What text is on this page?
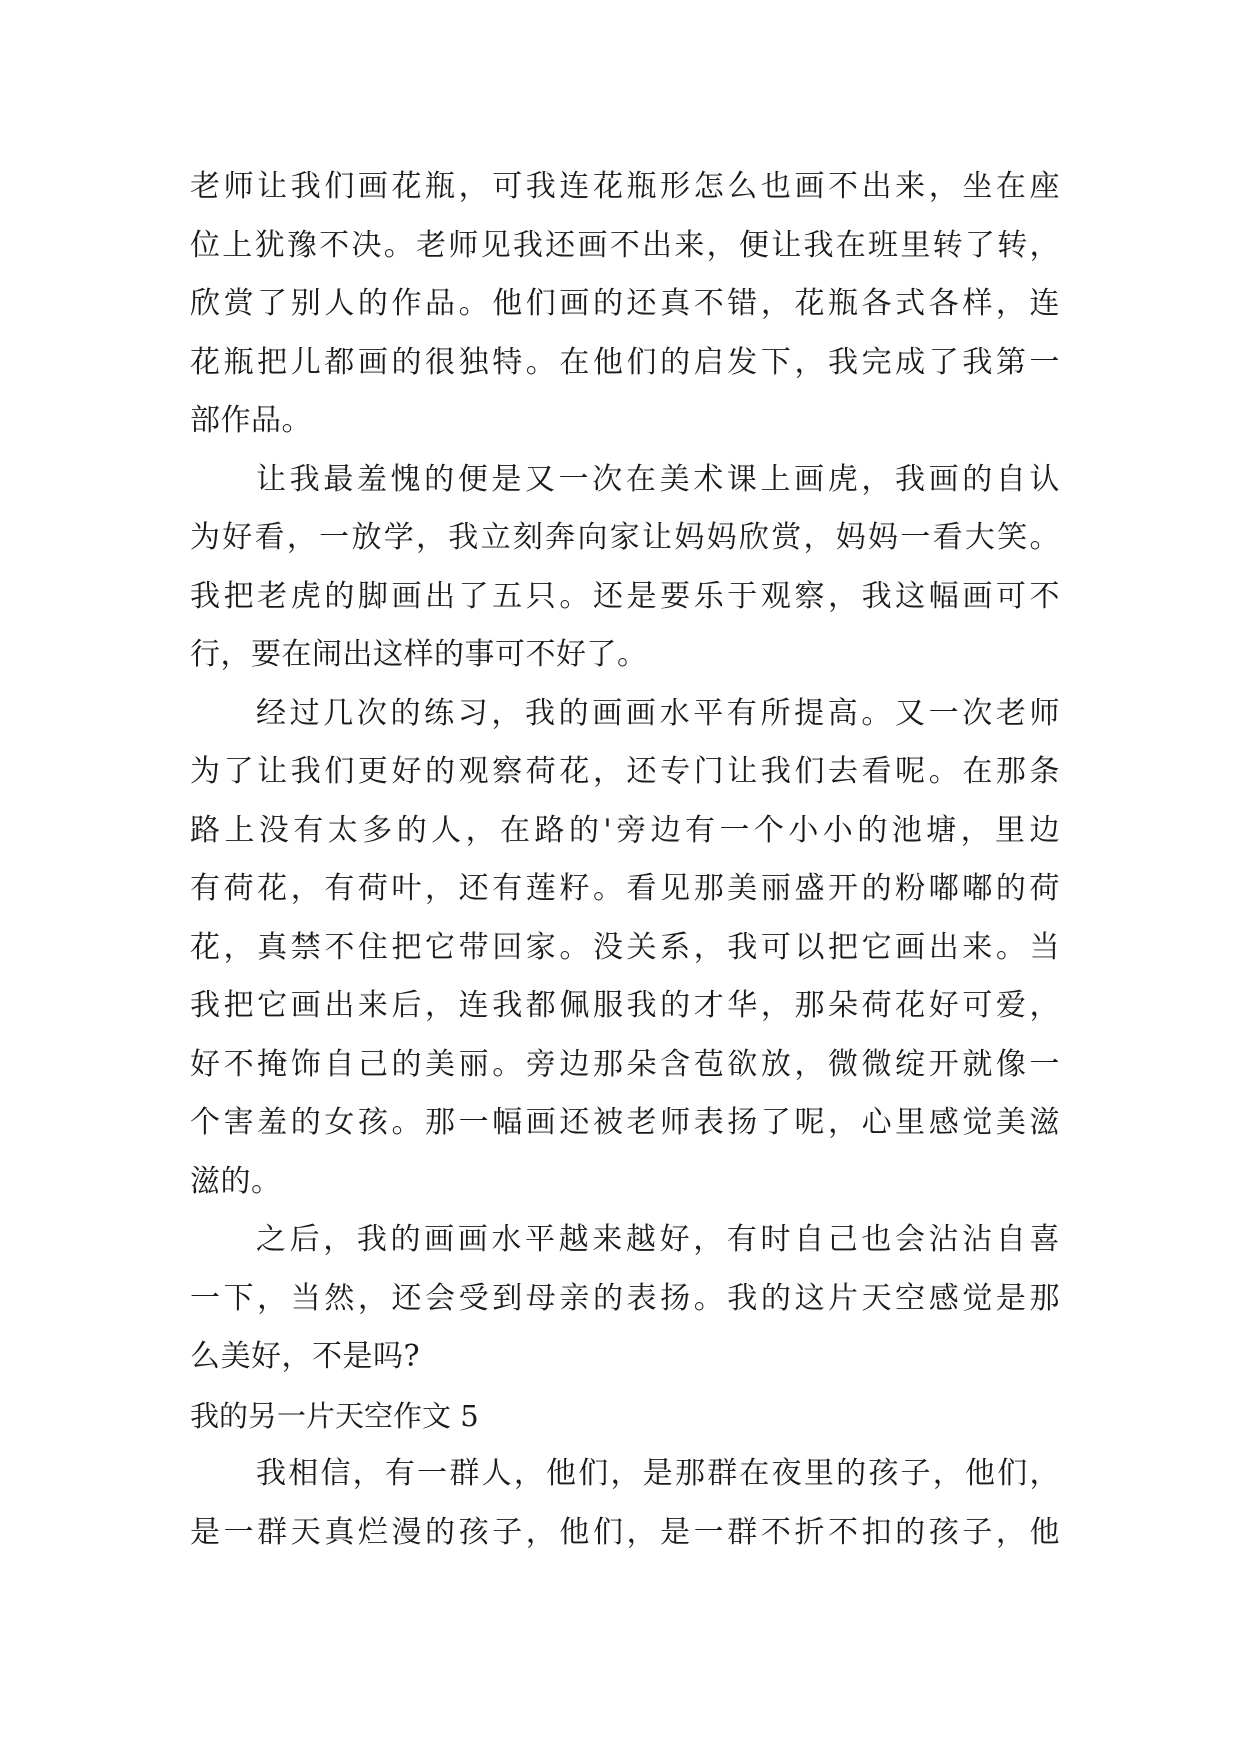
老师让我们画花瓶，可我连花瓶形怎么也画不出来，坐在座
位上犹豫不决。老师见我还画不出来，便让我在班里转了转，
欣赏了别人的作品。他们画的还真不错，花瓶各式各样，连
花瓶把儿都画的很独特。在他们的启发下，我完成了我第一
部作品。
让我最羞愧的便是又一次在美术课上画虎，我画的自认
为好看，一放学，我立刻奔向家让妈妈欣赏，妈妈一看大笑。
我把老虎的脚画出了五只。还是要乐于观察，我这幅画可不
行，要在闹出这样的事可不好了。
经过几次的练习，我的画画水平有所提高。又一次老师
为了让我们更好的观察荷花，还专门让我们去看呢。在那条
路上没有太多的人，在路的'旁边有一个小小的池塘，里边
有荷花，有荷叶，还有莲籽。看见那美丽盛开的粉嘟嘟的荷
花，真禁不住把它带回家。没关系，我可以把它画出来。当
我把它画出来后，连我都佩服我的才华，那朵荷花好可爱，
好不掩饰自己的美丽。旁边那朵含苞欲放，微微绽开就像一
个害羞的女孩。那一幅画还被老师表扬了呢，心里感觉美滋
滋的。
之后，我的画画水平越来越好，有时自己也会沾沾自喜
一下，当然，还会受到母亲的表扬。我的这片天空感觉是那
么美好，不是吗?
我的另一片天空作文 5
我相信，有一群人，他们，是那群在夜里的孩子，他们，
是一群天真烂漫的孩子，他们，是一群不折不扣的孩子，他
